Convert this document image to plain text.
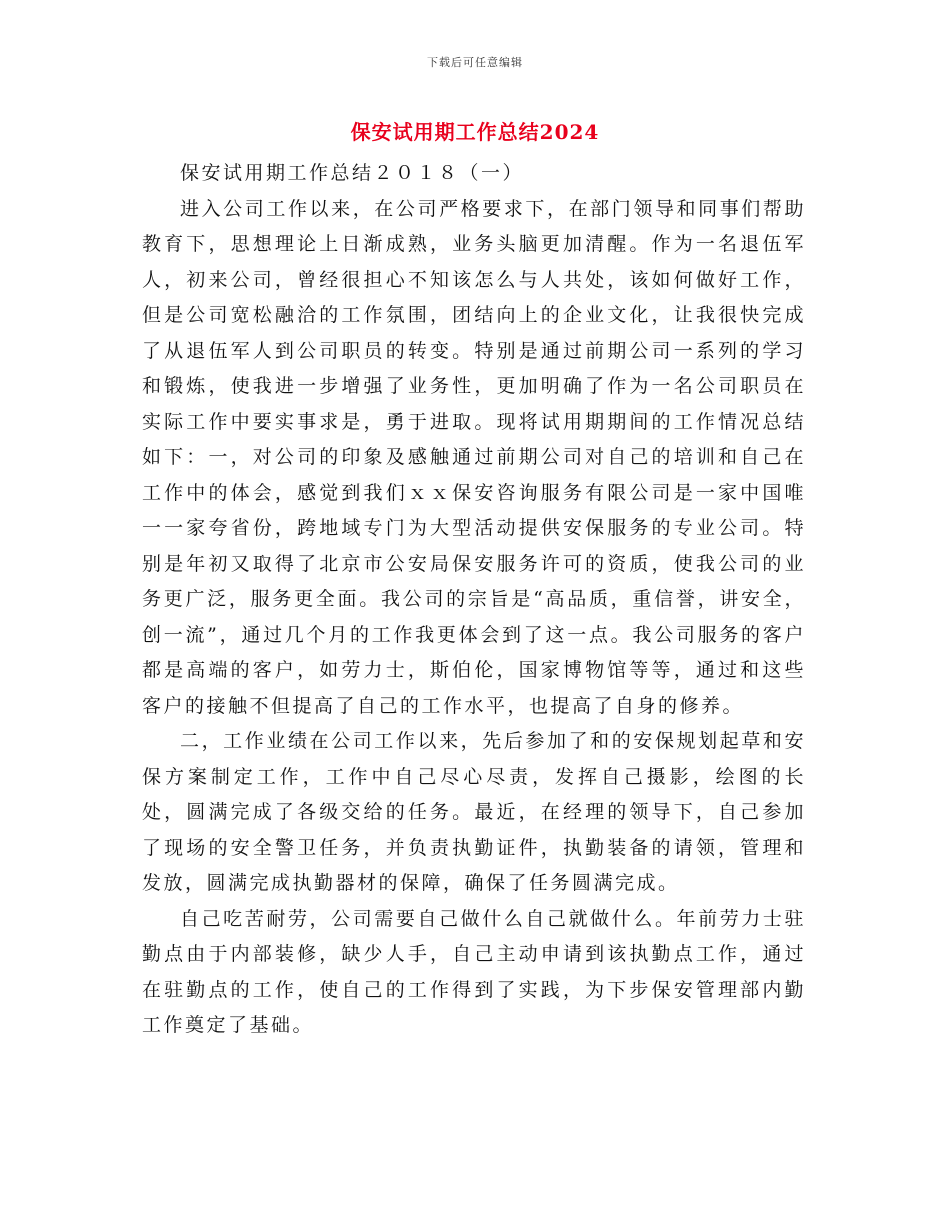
下载后可任意编辑
保安试用期工作总结2024

保安试用期工作总结２０１８（一）

进入公司工作以来，在公司严格要求下，在部门领导和同事们帮助教育下，思想理论上日渐成熟，业务头脑更加清醒。作为一名退伍军人，初来公司，曾经很担心不知该怎么与人共处，该如何做好工作，但是公司宽松融洽的工作氛围，团结向上的企业文化，让我很快完成了从退伍军人到公司职员的转变。特别是通过前期公司一系列的学习和锻炼，使我进一步增强了业务性，更加明确了作为一名公司职员在实际工作中要实事求是，勇于进取。现将试用期期间的工作情况总结如下：一，对公司的印象及感触通过前期公司对自己的培训和自己在工作中的体会，感觉到我们ｘｘ保安咨询服务有限公司是一家中国唯一一家夸省份，跨地域专门为大型活动提供安保服务的专业公司。特别是年初又取得了北京市公安局保安服务许可的资质，使我公司的业务更广泛，服务更全面。我公司的宗旨是“高品质，重信誉，讲安全，创一流”，通过几个月的工作我更体会到了这一点。我公司服务的客户都是高端的客户，如劳力士，斯伯伦，国家博物馆等等，通过和这些客户的接触不但提高了自己的工作水平，也提高了自身的修养。

二，工作业绩在公司工作以来，先后参加了和的安保规划起草和安保方案制定工作，工作中自己尽心尽责，发挥自己摄影，绘图的长处，圆满完成了各级交给的任务。最近，在经理的领导下，自己参加了现场的安全警卫任务，并负责执勤证件，执勤装备的请领，管理和发放，圆满完成执勤器材的保障，确保了任务圆满完成。

自己吃苦耐劳，公司需要自己做什么自己就做什么。年前劳力士驻勤点由于内部装修，缺少人手，自己主动申请到该执勤点工作，通过在驻勤点的工作，使自己的工作得到了实践，为下步保安管理部内勤工作奠定了基础。
